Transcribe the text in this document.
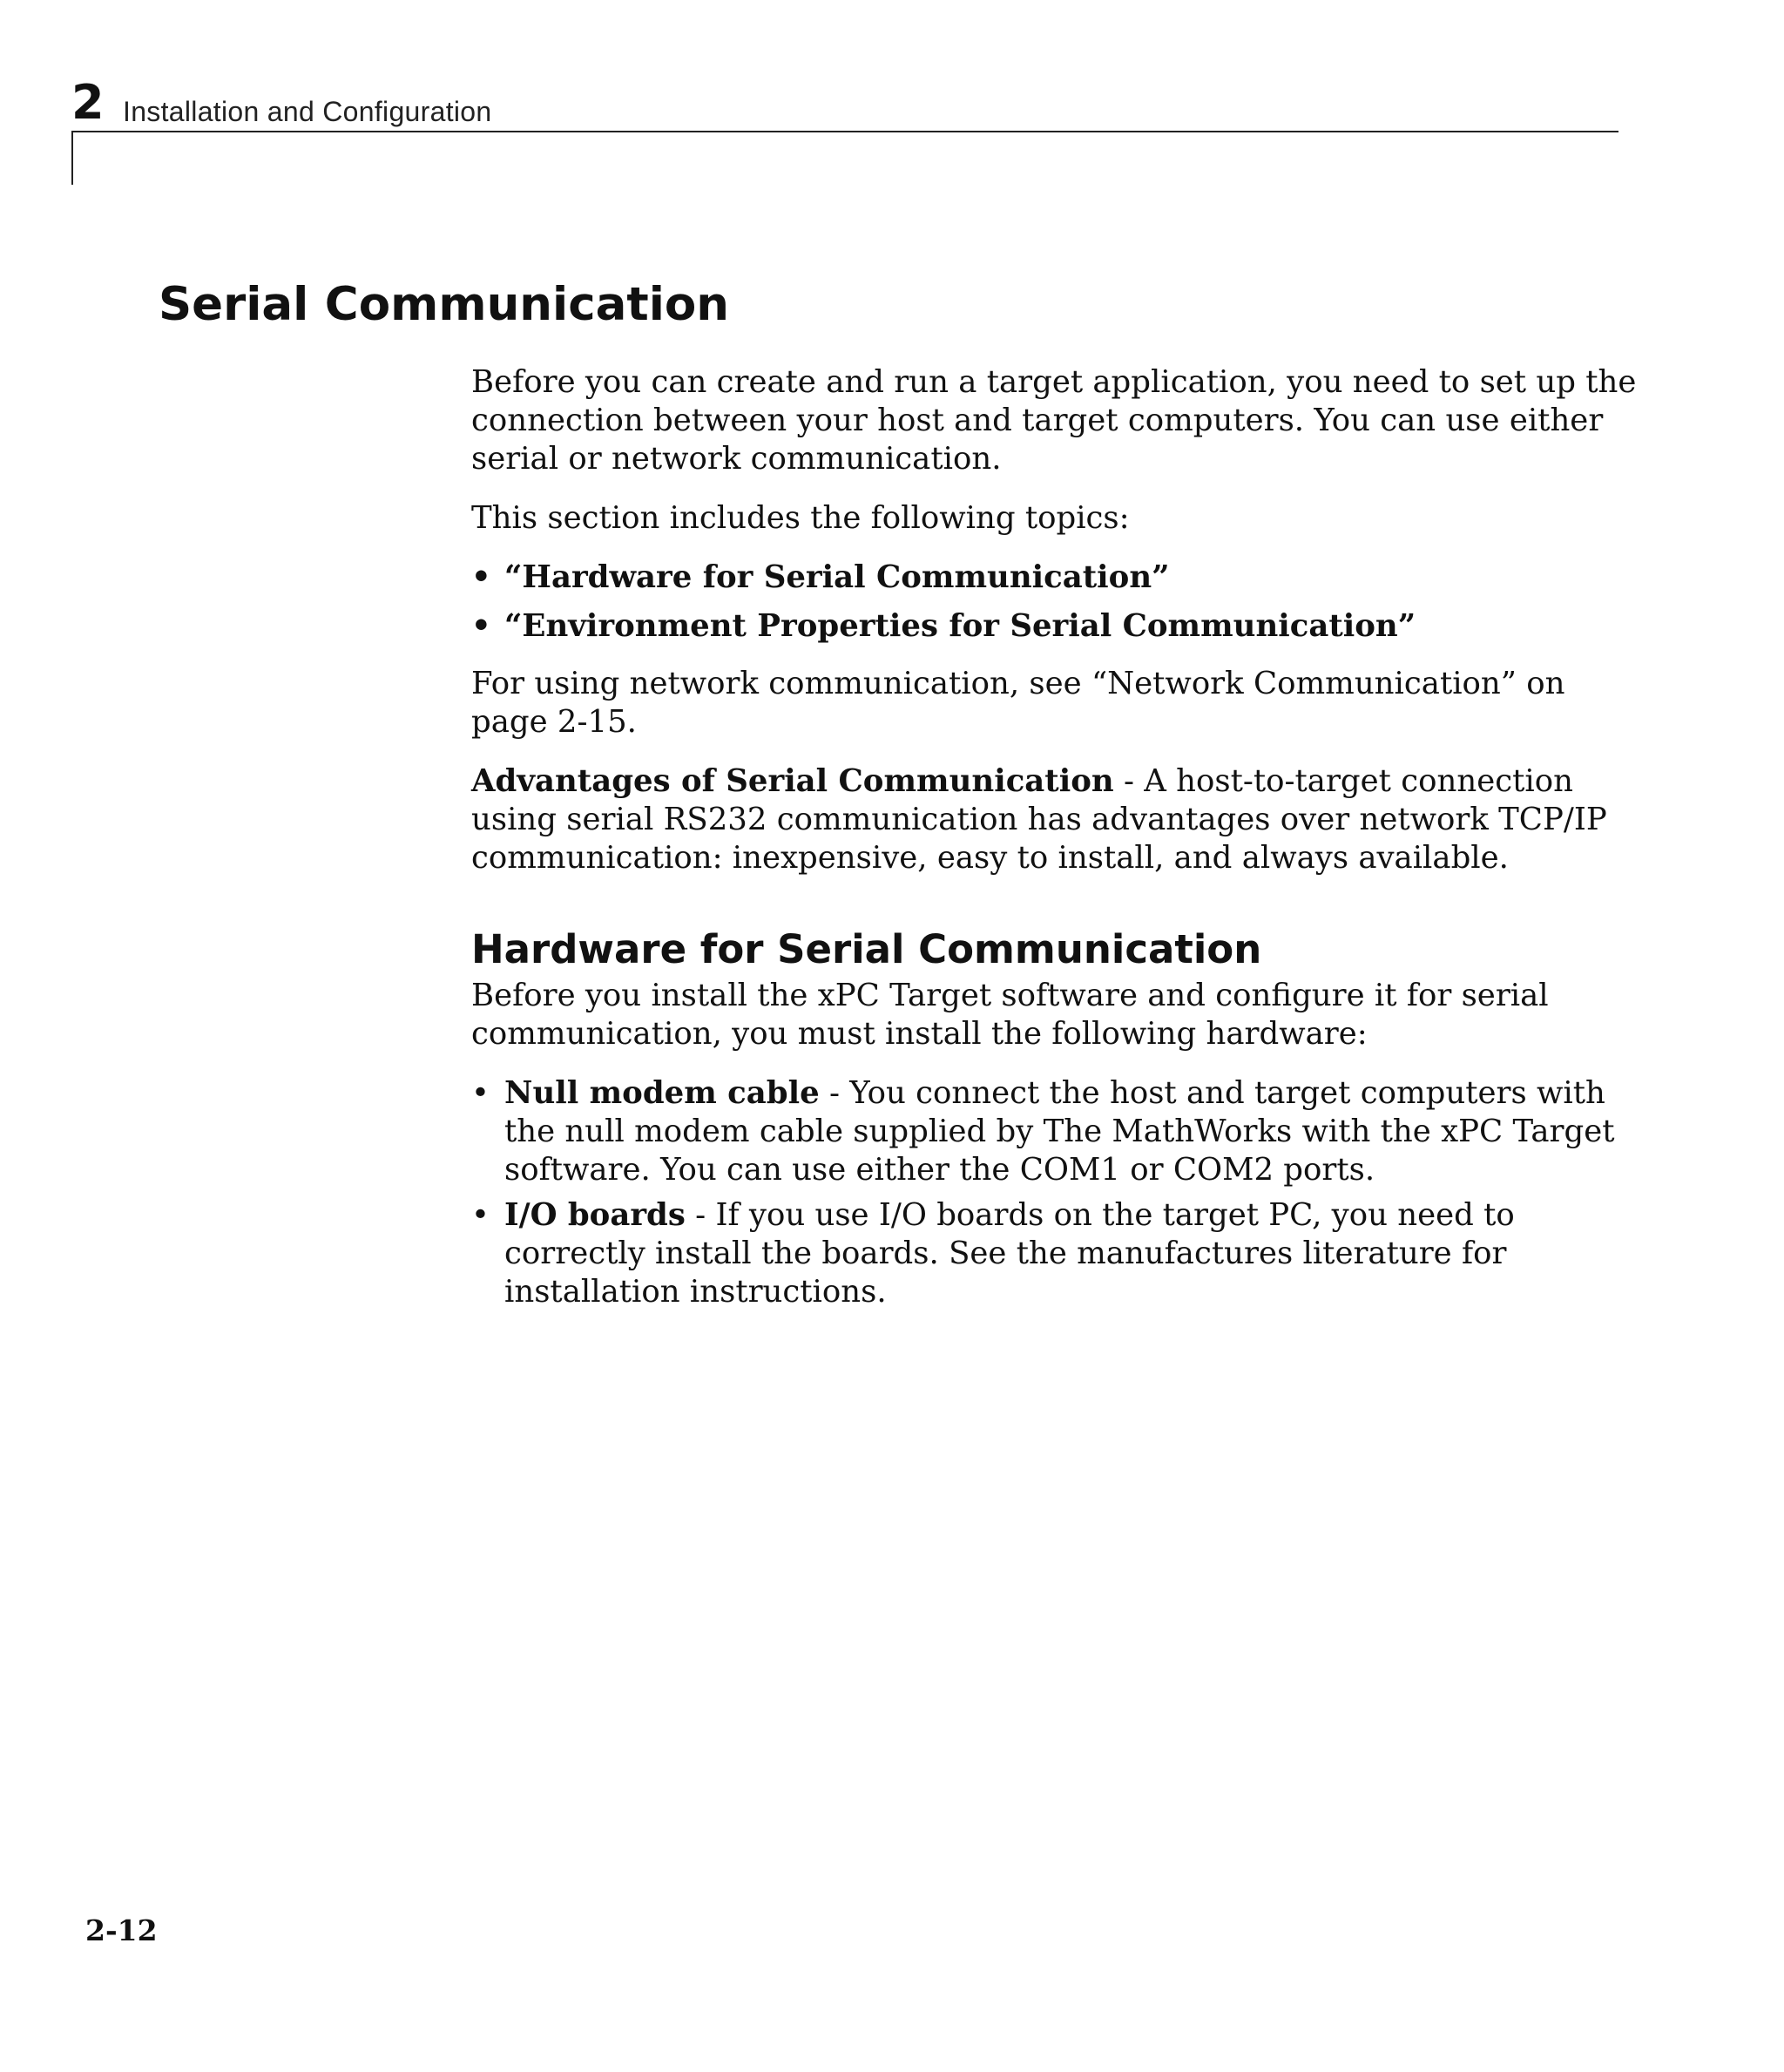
2 Installation and Configuration
Serial Communication

Before you can create and run a target application, you need to set up the connection between your host and target computers. You can use either serial or network communication.

This section includes the following topics:

• “Hardware for Serial Communication”
• “Environment Properties for Serial Communication”

For using network communication, see “Network Communication” on page 2-15.

Advantages of Serial Communication - A host-to-target connection using serial RS232 communication has advantages over network TCP/IP communication: inexpensive, easy to install, and always available.

Hardware for Serial Communication

Before you install the xPC Target software and configure it for serial communication, you must install the following hardware:

• Null modem cable - You connect the host and target computers with the null modem cable supplied by The MathWorks with the xPC Target software. You can use either the COM1 or COM2 ports.
• I/O boards - If you use I/O boards on the target PC, you need to correctly install the boards. See the manufactures literature for installation instructions.
2-12
